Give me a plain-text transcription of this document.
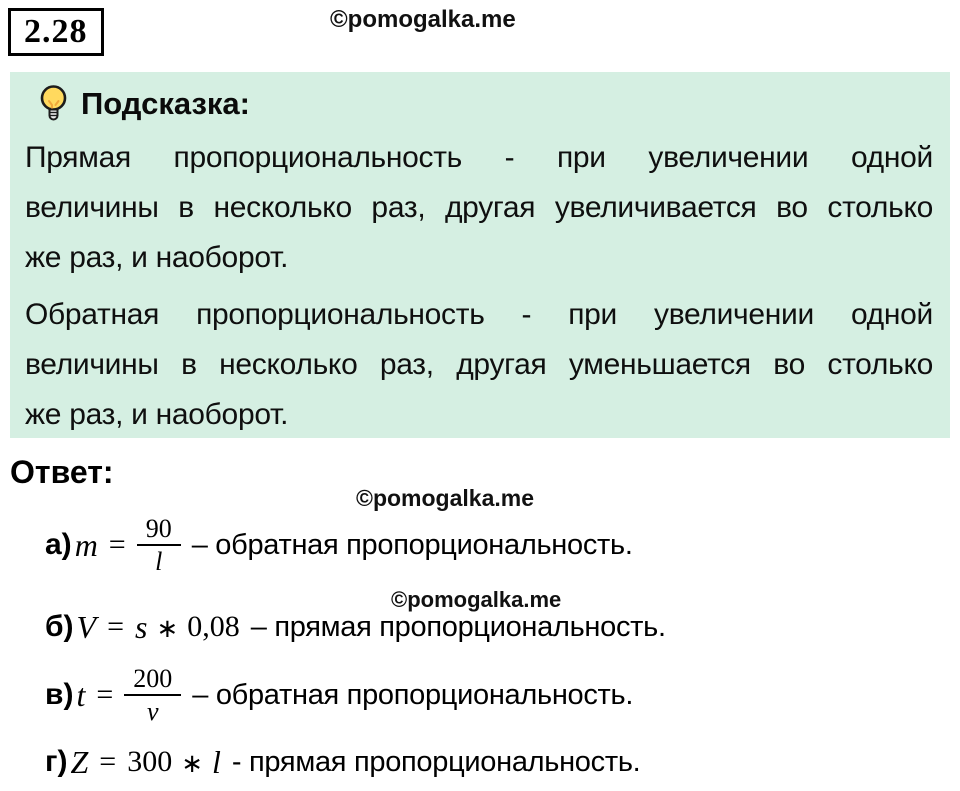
2.28	©pomogalka.me
Подсказка:
Прямая пропорциональность - при увеличении одной
величины в несколько раз, другая увеличивается во столько
же раз, и наоборот.
Обратная пропорциональность - при увеличении одной
величины в несколько раз, другая уменьшается во столько
же раз, и наоборот.
Ответ:
©pomogalka.me
©pomogalka.me
а) $m = \frac{90}{l}$ – обратная пропорциональность.
б) V = s ∗ 0,08 – прямая пропорциональность.
в) $t = \frac{200}{v}$ – обратная пропорциональность.
г) Z = 300 ∗ l - прямая пропорциональность.
